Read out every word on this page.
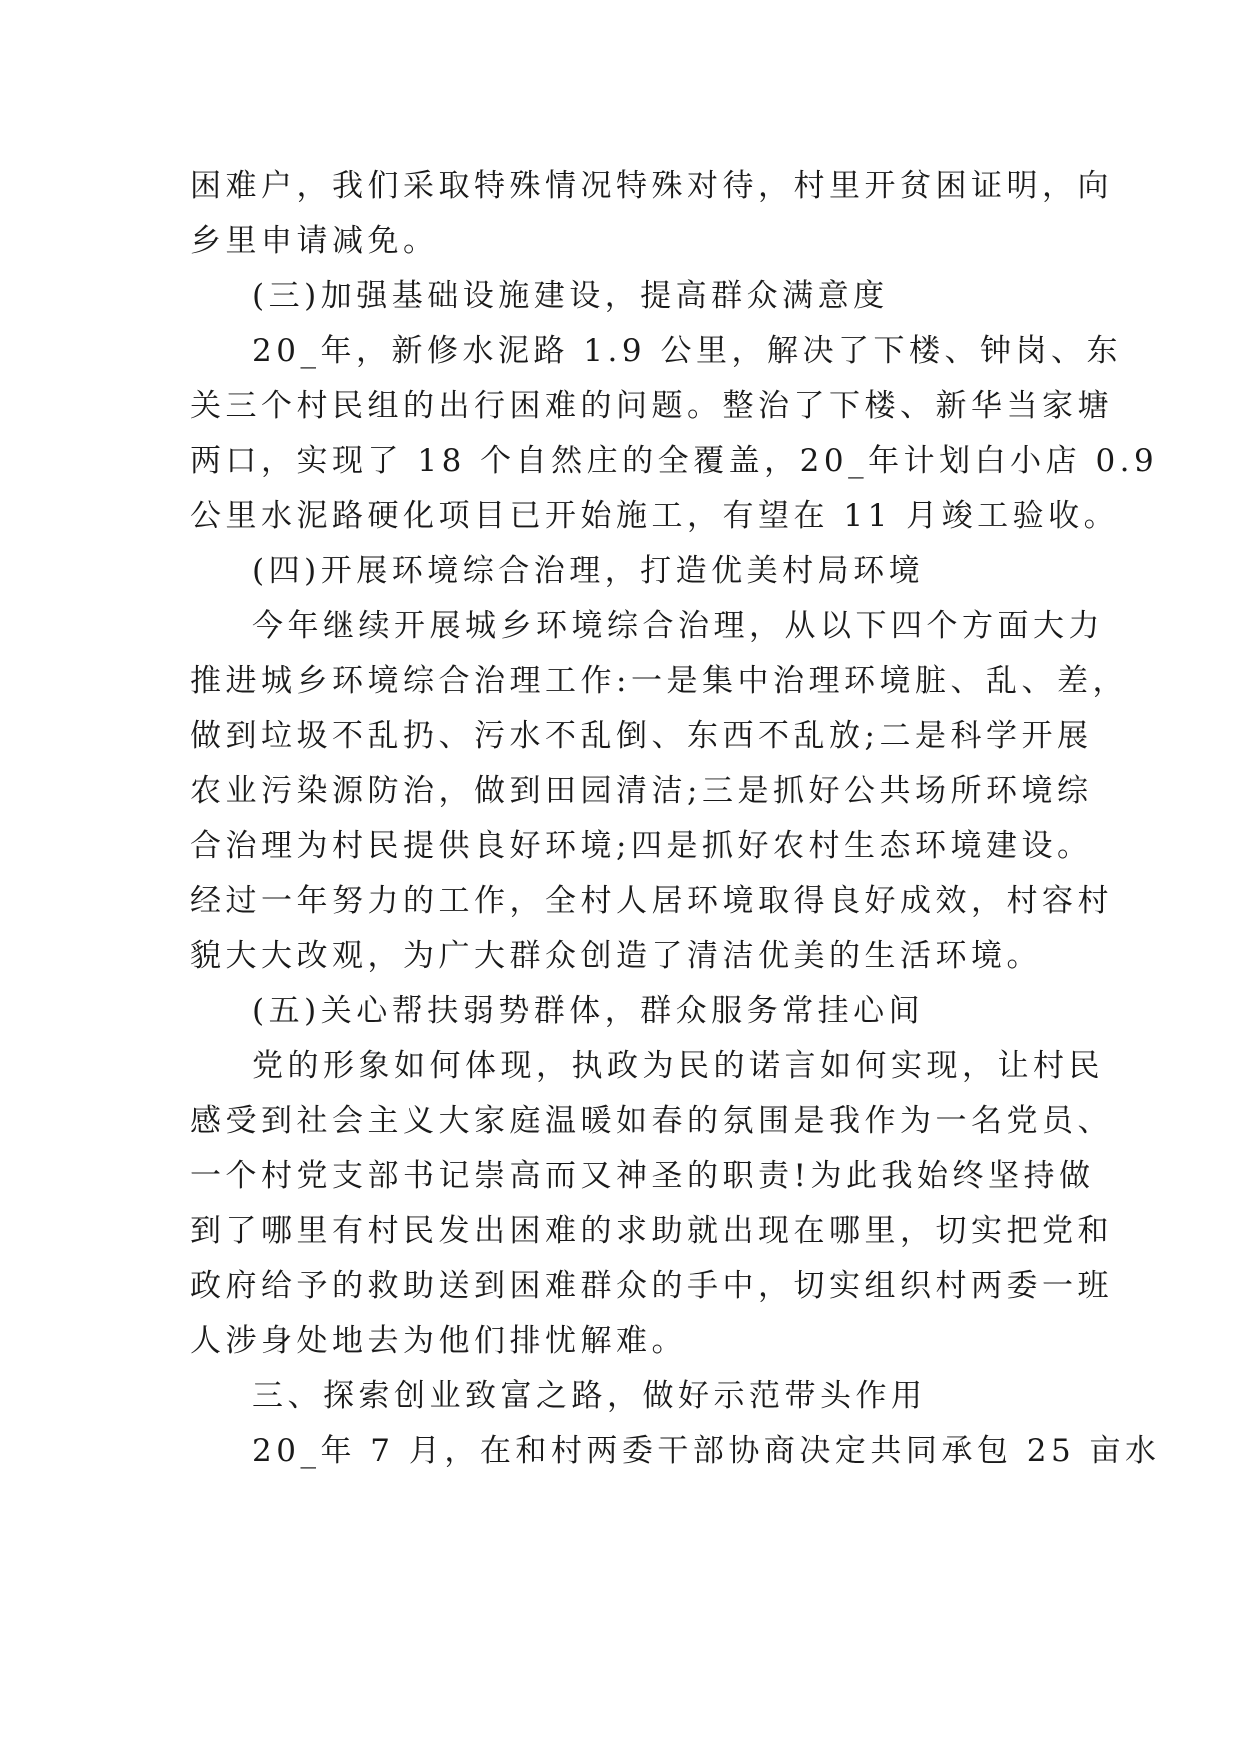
困难户，我们采取特殊情况特殊对待，村里开贫困证明，向
乡里申请减免。
(三)加强基础设施建设，提高群众满意度
20_年，新修水泥路 1.9 公里，解决了下楼、钟岗、东
关三个村民组的出行困难的问题。整治了下楼、新华当家塘
两口，实现了 18 个自然庄的全覆盖，20_年计划白小店 0.9
公里水泥路硬化项目已开始施工，有望在 11 月竣工验收。
(四)开展环境综合治理，打造优美村局环境
今年继续开展城乡环境综合治理，从以下四个方面大力
推进城乡环境综合治理工作:一是集中治理环境脏、乱、差，
做到垃圾不乱扔、污水不乱倒、东西不乱放;二是科学开展
农业污染源防治，做到田园清洁;三是抓好公共场所环境综
合治理为村民提供良好环境;四是抓好农村生态环境建设。
经过一年努力的工作，全村人居环境取得良好成效，村容村
貌大大改观，为广大群众创造了清洁优美的生活环境。
(五)关心帮扶弱势群体，群众服务常挂心间
党的形象如何体现，执政为民的诺言如何实现，让村民
感受到社会主义大家庭温暖如春的氛围是我作为一名党员、
一个村党支部书记崇高而又神圣的职责!为此我始终坚持做
到了哪里有村民发出困难的求助就出现在哪里，切实把党和
政府给予的救助送到困难群众的手中，切实组织村两委一班
人涉身处地去为他们排忧解难。
三、探索创业致富之路，做好示范带头作用
20_年 7 月，在和村两委干部协商决定共同承包 25 亩水
